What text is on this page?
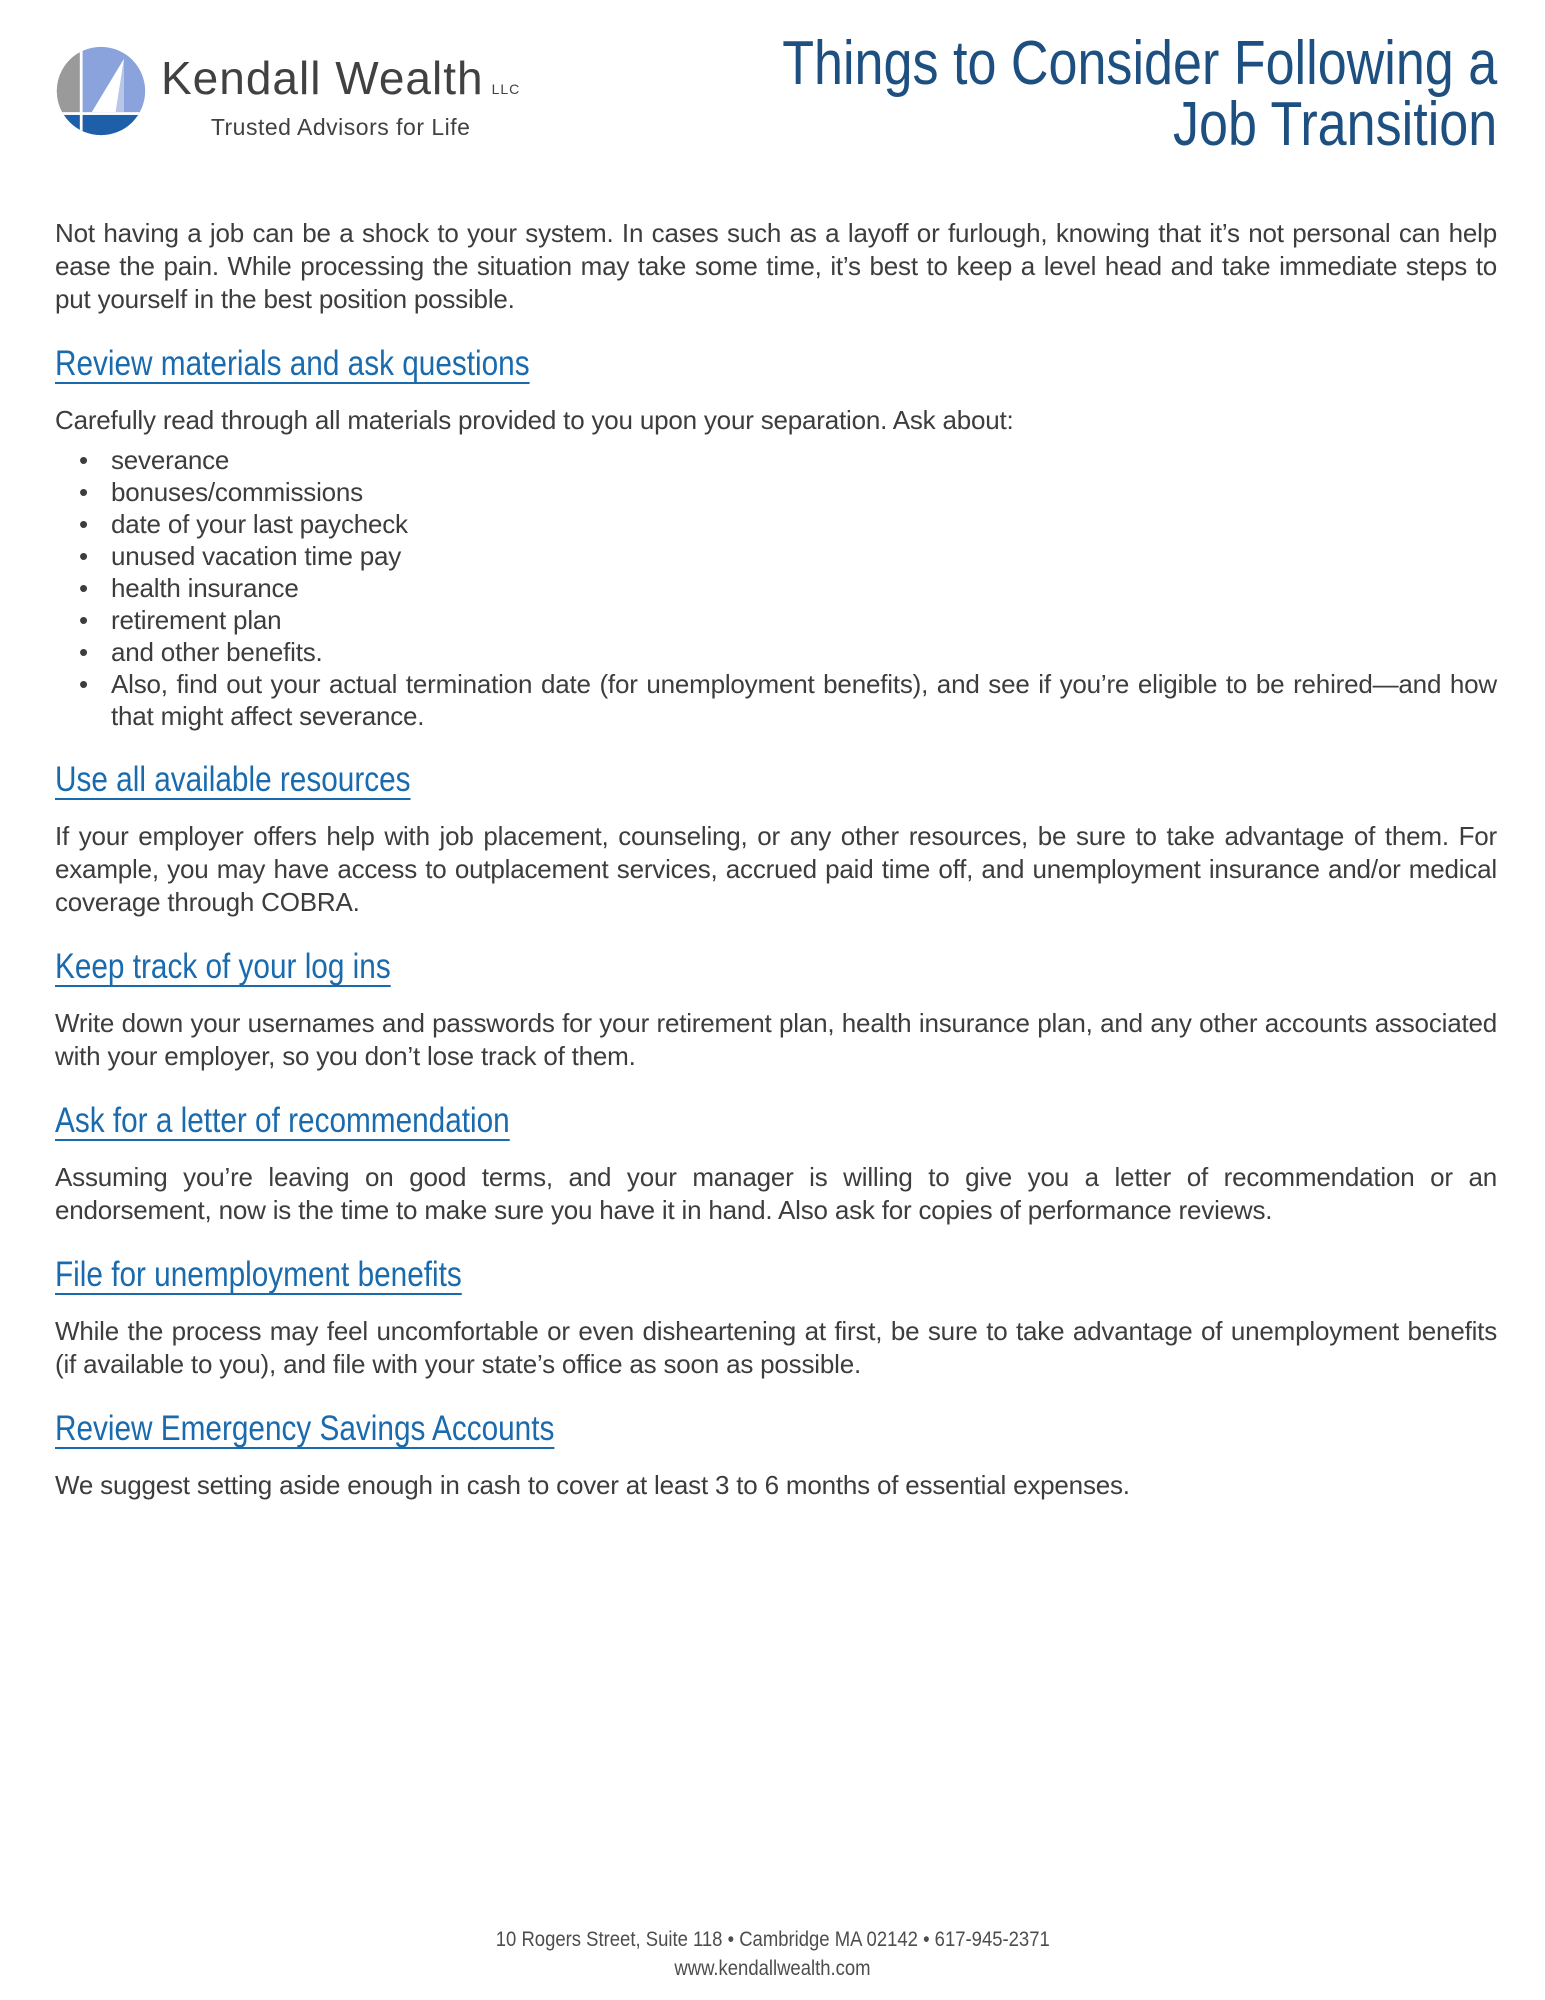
Kendall Wealth LLC
Trusted Advisors for Life
Things to Consider Following a
Job Transition

Not having a job can be a shock to your system. In cases such as a layoff or furlough, knowing that it’s not personal can help ease the pain. While processing the situation may take some time, it’s best to keep a level head and take immediate steps to put yourself in the best position possible.

Review materials and ask questions

Carefully read through all materials provided to you upon your separation. Ask about:

• severance
• bonuses/commissions
• date of your last paycheck
• unused vacation time pay
• health insurance
• retirement plan
• and other benefits.
• Also, find out your actual termination date (for unemployment benefits), and see if you’re eligible to be rehired—and how that might affect severance.
Use all available resources

If your employer offers help with job placement, counseling, or any other resources, be sure to take advantage of them. For example, you may have access to outplacement services, accrued paid time off, and unemployment insurance and/or medical coverage through COBRA.

Keep track of your log ins

Write down your usernames and passwords for your retirement plan, health insurance plan, and any other accounts associated with your employer, so you don’t lose track of them.

Ask for a letter of recommendation

Assuming you’re leaving on good terms, and your manager is willing to give you a letter of recommendation or an endorsement, now is the time to make sure you have it in hand. Also ask for copies of performance reviews.

File for unemployment benefits

While the process may feel uncomfortable or even disheartening at first, be sure to take advantage of unemployment benefits (if available to you), and file with your state’s office as soon as possible.

Review Emergency Savings Accounts

We suggest setting aside enough in cash to cover at least 3 to 6 months of essential expenses.

10 Rogers Street, Suite 118 • Cambridge MA 02142 • 617-945-2371
www.kendallwealth.com
